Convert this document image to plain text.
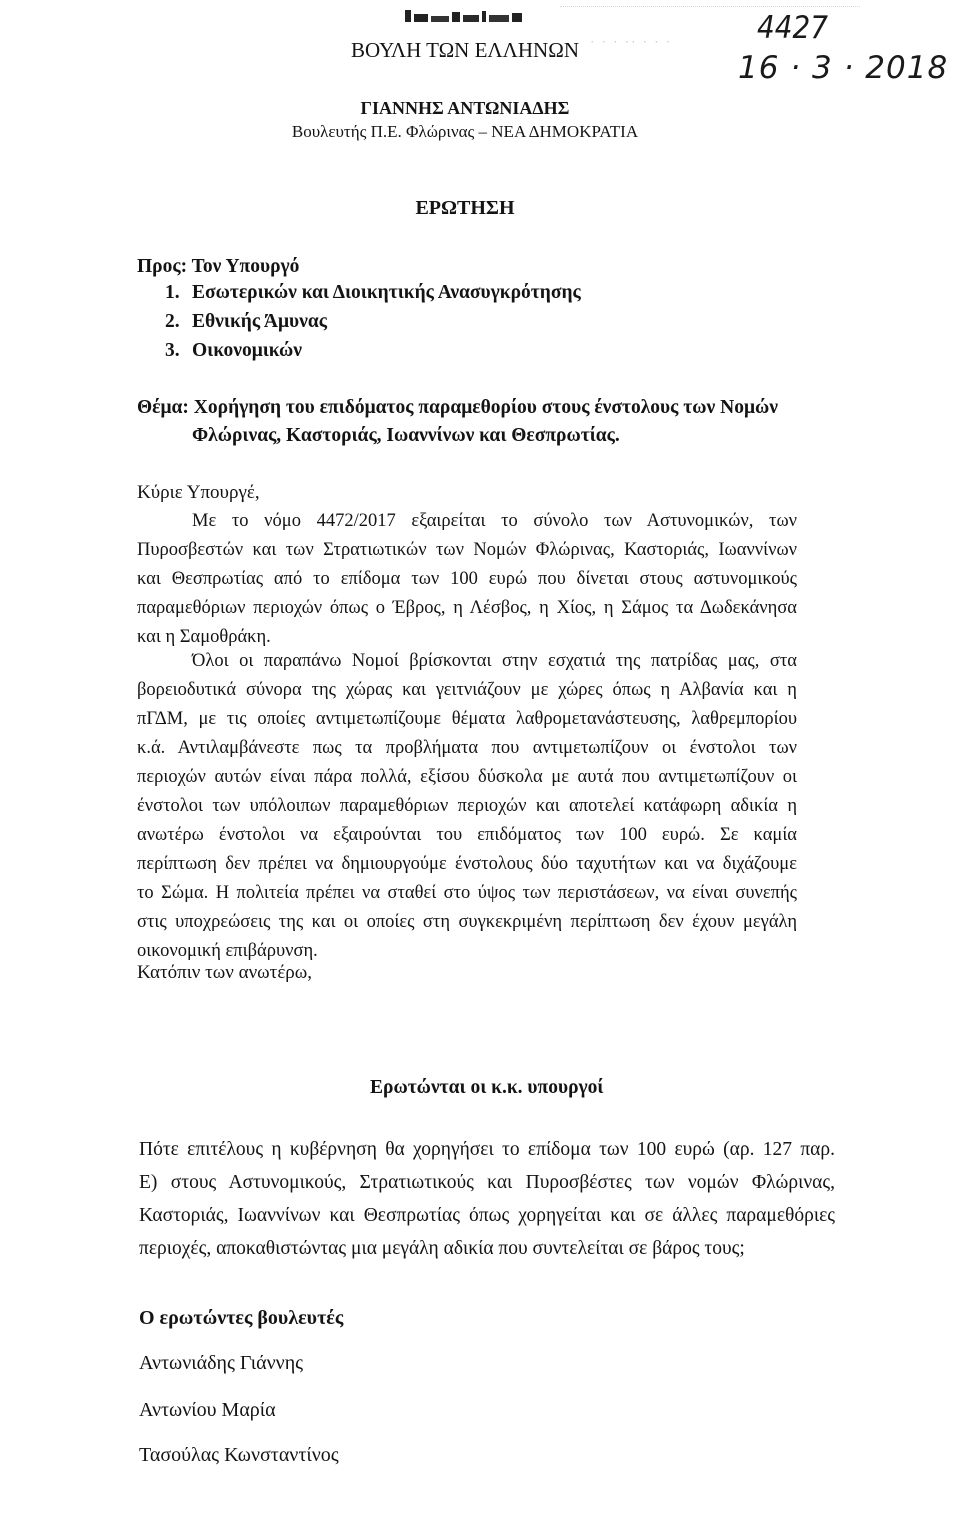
· · · ·· · · ·	4427
16 · 3 · 2018
ΒΟΥΛΗ ΤΩΝ ΕΛΛΗΝΩΝ
ΓΙΑΝΝΗΣ ΑΝΤΩΝΙΑΔΗΣ
Βουλευτής Π.Ε. Φλώρινας – ΝΕΑ ΔΗΜΟΚΡΑΤΙΑ
ΕΡΩΤΗΣΗ
Προς: Τον Υπουργό
1. Εσωτερικών και Διοικητικής Ανασυγκρότησης
2. Εθνικής Άμυνας
3. Οικονομικών
Θέμα: Χορήγηση του επιδόματος παραμεθορίου στους ένστολους των Νομών
Φλώρινας, Καστοριάς, Ιωαννίνων και Θεσπρωτίας.
Κύριε Υπουργέ,
Με το νόμο 4472/2017 εξαιρείται το σύνολο των Αστυνομικών, των
Πυροσβεστών και των Στρατιωτικών των Νομών Φλώρινας, Καστοριάς, Ιωαννίνων
και Θεσπρωτίας από το επίδομα των 100 ευρώ που δίνεται στους αστυνομικούς
παραμεθόριων περιοχών όπως ο Έβρος, η Λέσβος, η Χίος, η Σάμος τα Δωδεκάνησα
και η Σαμοθράκη.
Όλοι οι παραπάνω Νομοί βρίσκονται στην εσχατιά της πατρίδας μας, στα
βορειοδυτικά σύνορα της χώρας και γειτνιάζουν με χώρες όπως η Αλβανία και η
πΓΔΜ, με τις οποίες αντιμετωπίζουμε θέματα λαθρομετανάστευσης, λαθρεμπορίου
κ.ά. Αντιλαμβάνεστε πως τα προβλήματα που αντιμετωπίζουν οι ένστολοι των
περιοχών αυτών είναι πάρα πολλά, εξίσου δύσκολα με αυτά που αντιμετωπίζουν οι
ένστολοι των υπόλοιπων παραμεθόριων περιοχών και αποτελεί κατάφωρη αδικία η
ανωτέρω ένστολοι να εξαιρούνται του επιδόματος των 100 ευρώ. Σε καμία
περίπτωση δεν πρέπει να δημιουργούμε ένστολους δύο ταχυτήτων και να διχάζουμε
το Σώμα. Η πολιτεία πρέπει να σταθεί στο ύψος των περιστάσεων, να είναι συνεπής
στις υποχρεώσεις της και οι οποίες στη συγκεκριμένη περίπτωση δεν έχουν μεγάλη
οικονομική επιβάρυνση.
Κατόπιν των ανωτέρω,
Ερωτώνται οι κ.κ. υπουργοί
Πότε επιτέλους η κυβέρνηση θα χορηγήσει το επίδομα των 100 ευρώ (αρ. 127 παρ.
Ε) στους Αστυνομικούς, Στρατιωτικούς και Πυροσβέστες των νομών Φλώρινας,
Καστοριάς, Ιωαννίνων και Θεσπρωτίας όπως χορηγείται και σε άλλες παραμεθόριες
περιοχές, αποκαθιστώντας μια μεγάλη αδικία που συντελείται σε βάρος τους;
Ο ερωτώντες βουλευτές
Αντωνιάδης Γιάννης
Αντωνίου Μαρία
Τασούλας Κωνσταντίνος
